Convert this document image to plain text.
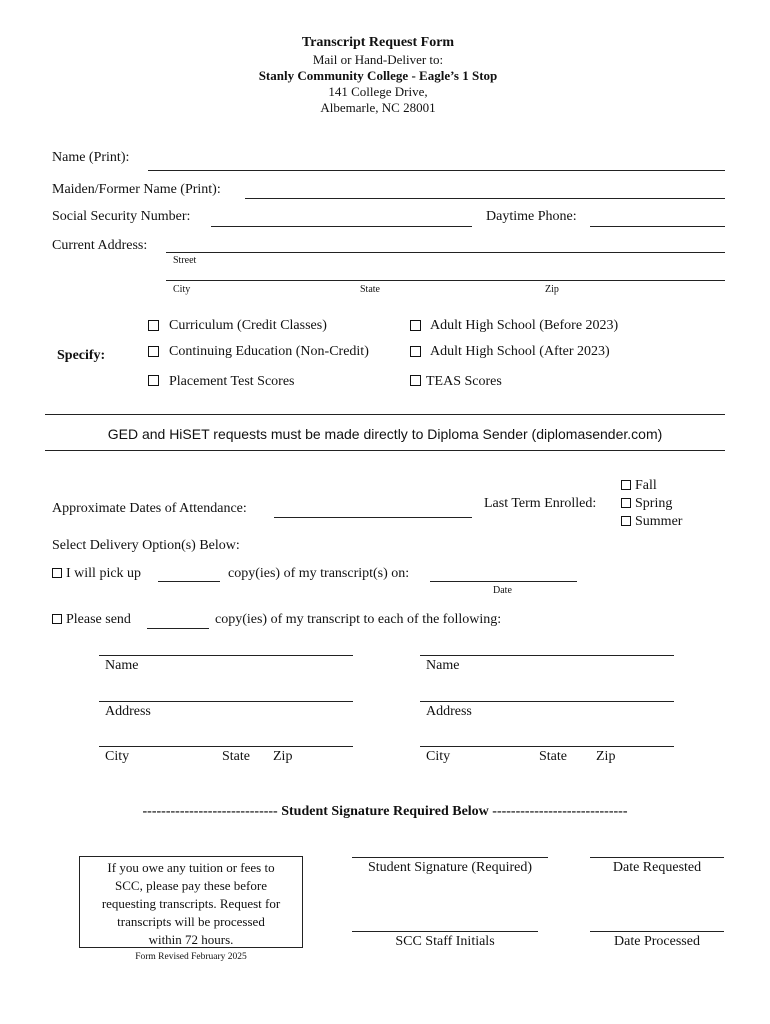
Transcript Request Form
Mail or Hand-Deliver to:
Stanly Community College - Eagle’s 1 Stop
141 College Drive,
Albemarle, NC 28001
Name (Print):
Maiden/Former Name (Print):
Social Security Number:	Daytime Phone:
Current Address:
Street
City	State	Zip
Specify:
Curriculum (Credit Classes)	Adult High School (Before 2023)
Continuing Education (Non-Credit)	Adult High School (After 2023)
Placement Test Scores	TEAS Scores
GED and HiSET requests must be made directly to Diploma Sender (diplomasender.com)
Approximate Dates of Attendance:	Last Term Enrolled:
Fall
Spring
Summer
Select Delivery Option(s) Below:
I will pick up	copy(ies) of my transcript(s) on:
Date
Please send	copy(ies) of my transcript to each of the following:
Name
Address
City	State Zip
Name
Address
City	State Zip
----------------------------- Student Signature Required Below -----------------------------
If you owe any tuition or fees to
SCC, please pay these before
requesting transcripts. Request for
transcripts will be processed
within 72 hours.
Form Revised February 2025
Student Signature (Required)	Date Requested
SCC Staff Initials	Date Processed
